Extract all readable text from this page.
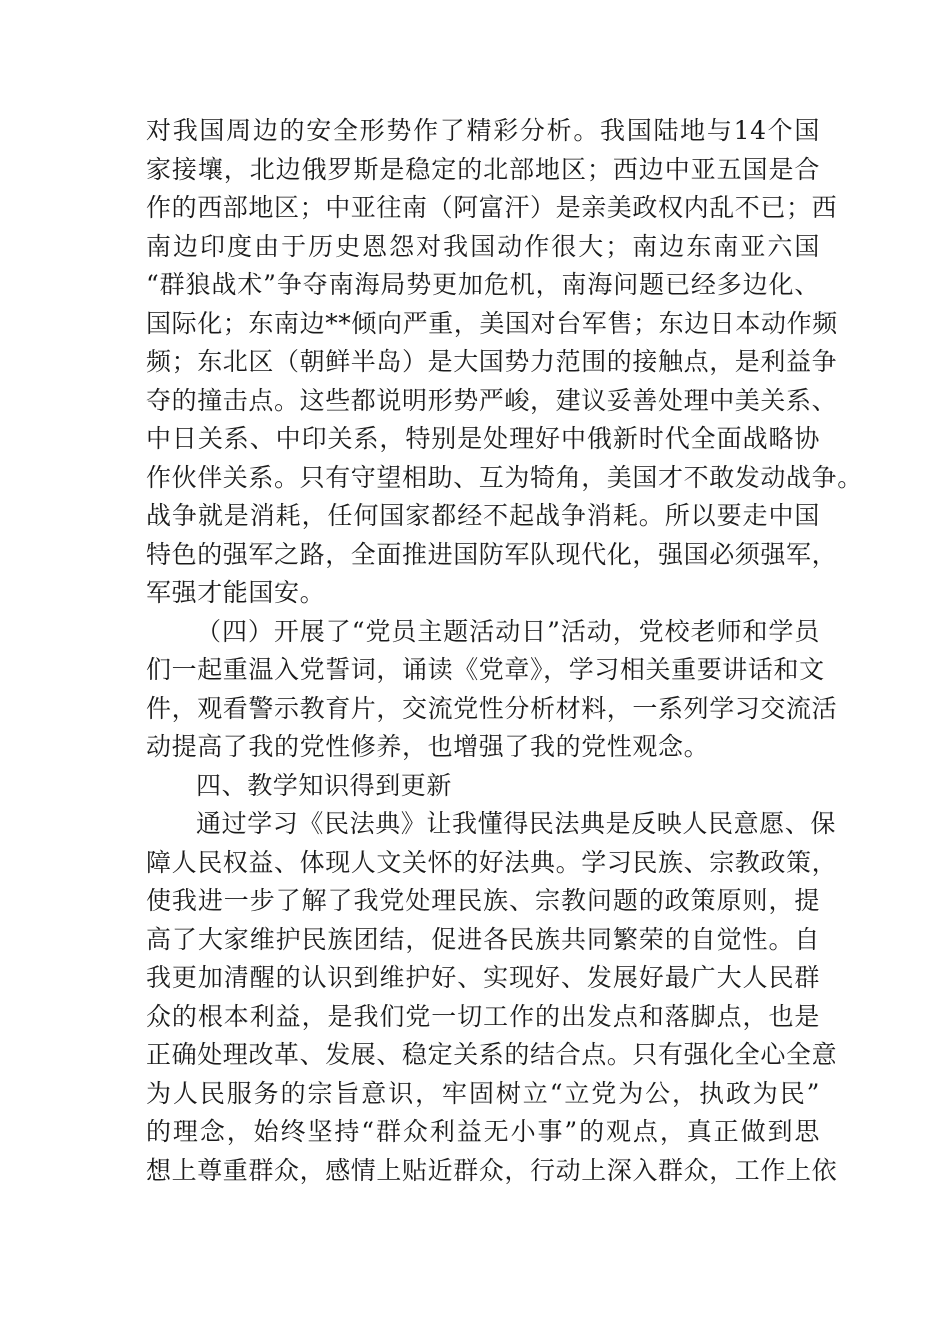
对我国周边的安全形势作了精彩分析。我国陆地与14个国
家接壤，北边俄罗斯是稳定的北部地区；西边中亚五国是合
作的西部地区；中亚往南（阿富汗）是亲美政权内乱不已；西
南边印度由于历史恩怨对我国动作很大；南边东南亚六国
“群狼战术”争夺南海局势更加危机，南海问题已经多边化、
国际化；东南边**倾向严重，美国对台军售；东边日本动作频
频；东北区（朝鲜半岛）是大国势力范围的接触点，是利益争
夺的撞击点。这些都说明形势严峻，建议妥善处理中美关系、
中日关系、中印关系，特别是处理好中俄新时代全面战略协
作伙伴关系。只有守望相助、互为犄角，美国才不敢发动战争。
战争就是消耗，任何国家都经不起战争消耗。所以要走中国
特色的强军之路，全面推进国防军队现代化，强国必须强军，
军强才能国安。
（四）开展了“党员主题活动日”活动，党校老师和学员
们一起重温入党誓词，诵读《党章》，学习相关重要讲话和文
件，观看警示教育片，交流党性分析材料，一系列学习交流活
动提高了我的党性修养，也增强了我的党性观念。
四、教学知识得到更新
通过学习《民法典》让我懂得民法典是反映人民意愿、保
障人民权益、体现人文关怀的好法典。学习民族、宗教政策，
使我进一步了解了我党处理民族、宗教问题的政策原则，提
高了大家维护民族团结，促进各民族共同繁荣的自觉性。自
我更加清醒的认识到维护好、实现好、发展好最广大人民群
众的根本利益，是我们党一切工作的出发点和落脚点，也是
正确处理改革、发展、稳定关系的结合点。只有强化全心全意
为人民服务的宗旨意识，牢固树立“立党为公，执政为民”
的理念，始终坚持“群众利益无小事”的观点，真正做到思
想上尊重群众，感情上贴近群众，行动上深入群众，工作上依
